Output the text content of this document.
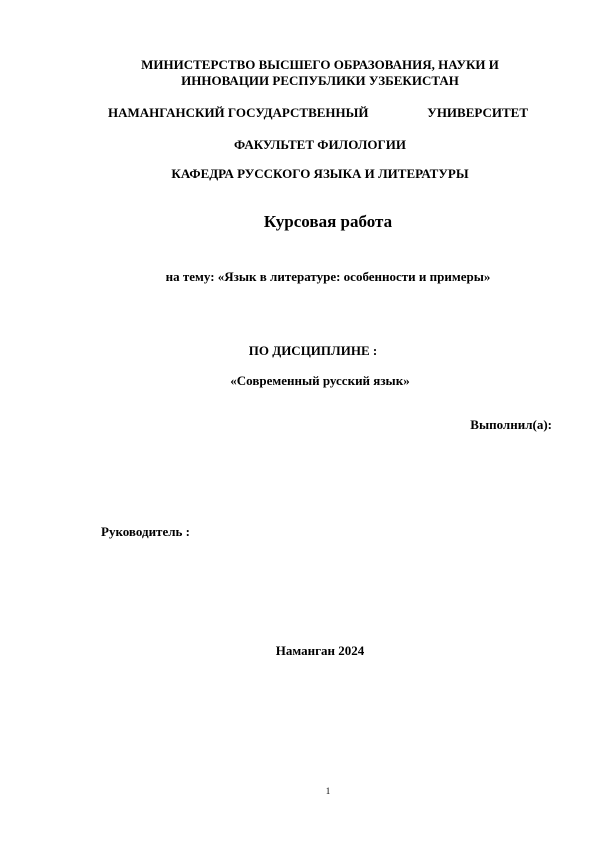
МИНИСТЕРСТВО ВЫСШЕГО ОБРАЗОВАНИЯ, НАУКИ И
ИННОВАЦИИ РЕСПУБЛИКИ УЗБЕКИСТАН
НАМАНГАНСКИЙ ГОСУДАРСТВЕННЫЙ	УНИВЕРСИТЕТ
ФАКУЛЬТЕТ ФИЛОЛОГИИ
КАФЕДРА РУССКОГО ЯЗЫКА И ЛИТЕРАТУРЫ
Курсовая работа
на тему: «Язык в литературе: особенности и примеры»
ПО ДИСЦИПЛИНЕ :
«Современный русский язык»
Выполнил(а):
Руководитель :
Наманган 2024
1
